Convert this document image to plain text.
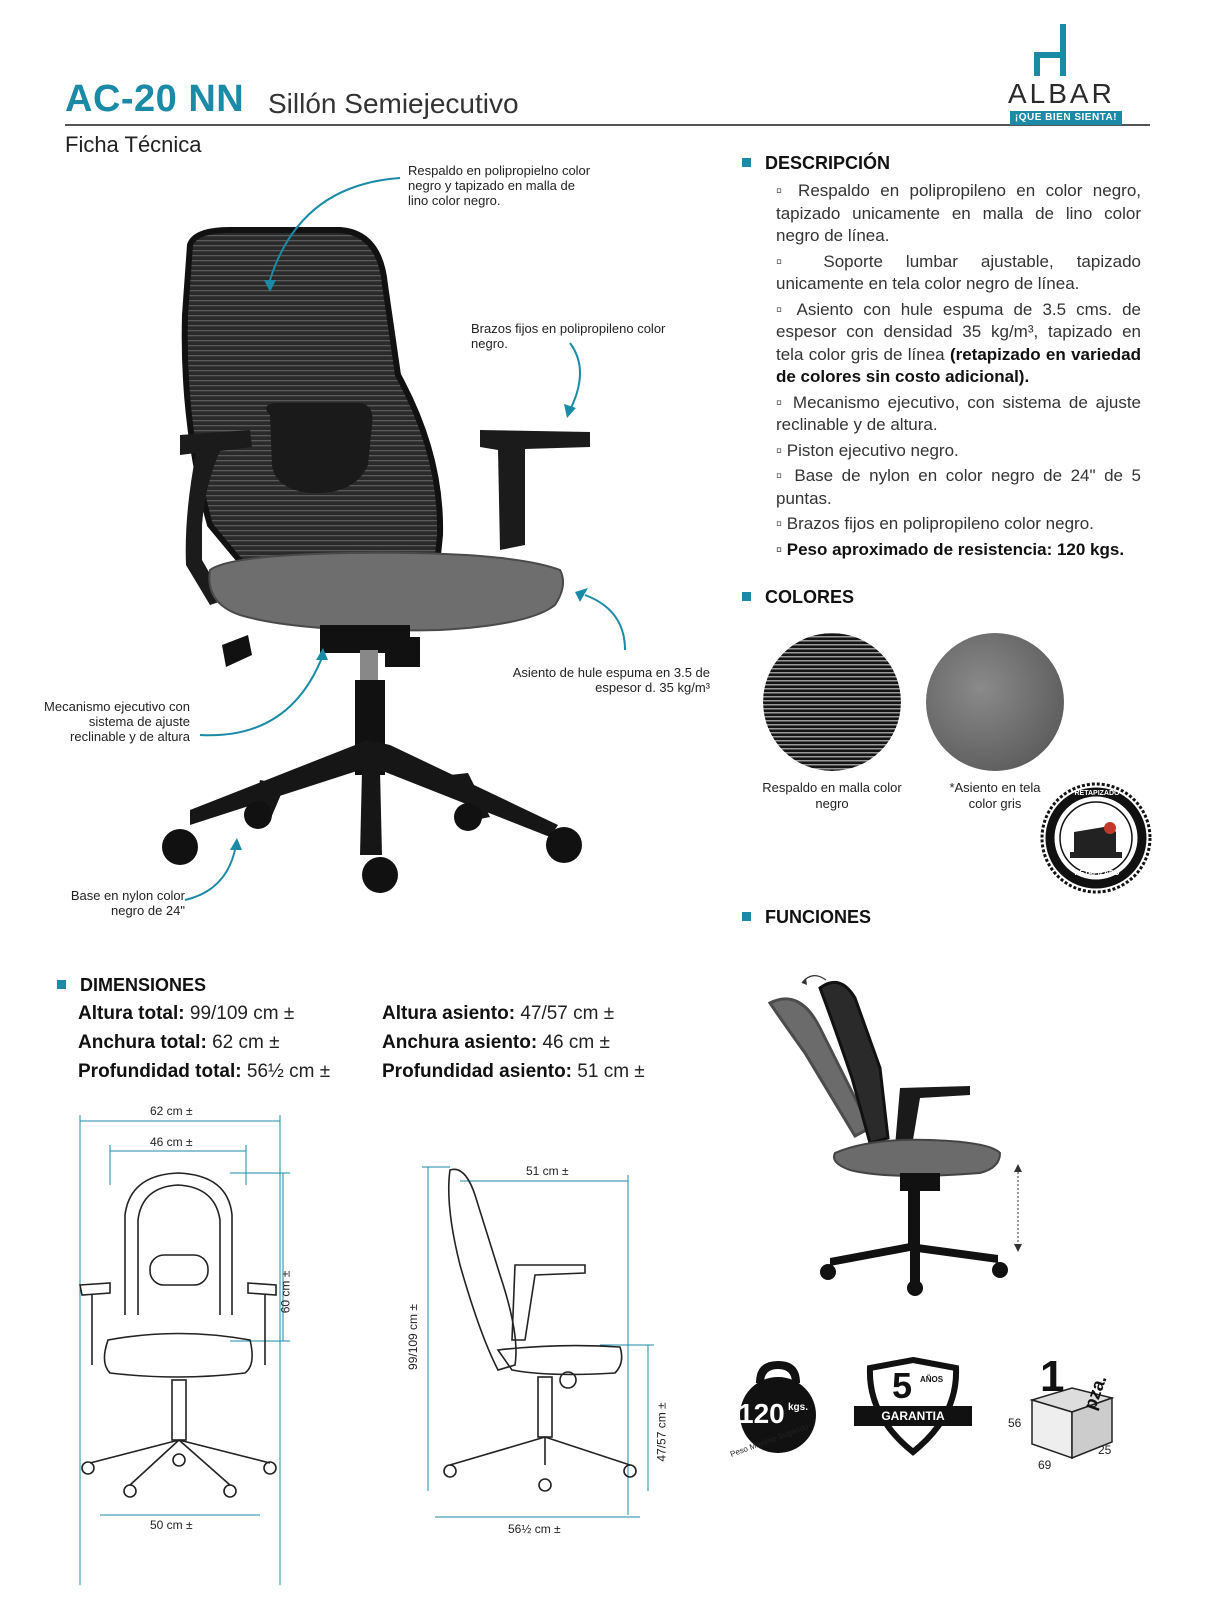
AC-20 NN Sillón Semiejecutivo
Ficha Técnica
ALBAR
¡QUE BIEN SIENTA!
Respaldo en polipropielno color negro y tapizado en malla de lino color negro.
Brazos fijos en polipropileno color negro.
Asiento de hule espuma en 3.5 de espesor d. 35 kg/m³
Mecanismo ejecutivo con sistema de ajuste reclinable y de altura
Base en nylon color negro de 24"
DESCRIPCIÓN

▫ Respaldo en polipropileno en color negro, tapizado unicamente en malla de lino color negro de línea.

▫ Soporte lumbar ajustable, tapizado unicamente en tela color negro de línea.

▫ Asiento con hule espuma de 3.5 cms. de espesor con densidad 35 kg/m³, tapizado en tela color gris de línea (retapizado en variedad de colores sin costo adicional).

▫ Mecanismo ejecutivo, con sistema de ajuste reclinable y de altura.

▫ Piston ejecutivo negro.

▫ Base de nylon en color negro de 24" de 5 puntas.

▫ Brazos fijos en polipropileno color negro.

▫ Peso aproximado de resistencia: 120 kgs.

COLORES
Respaldo en malla color negro
*Asiento en tela color gris
RETAPIZADO
RETAPIZADO
FUNCIONES
DIMENSIONES
Altura total: 99/109 cm ±
Anchura total: 62 cm ±
Profundidad total: 56½ cm ±
Altura asiento: 47/57 cm ±
Anchura asiento: 46 cm ±
Profundidad asiento: 51 cm ±
62 cm ±
46 cm ±
60 cm ±
50 cm ±
51 cm ±
99/109 cm ±
47/57 cm ±
56½ cm ±
120 kgs.
Peso Máximo Sugerido
5 AÑOS
GARANTIA
1 pza.
56
69
25
